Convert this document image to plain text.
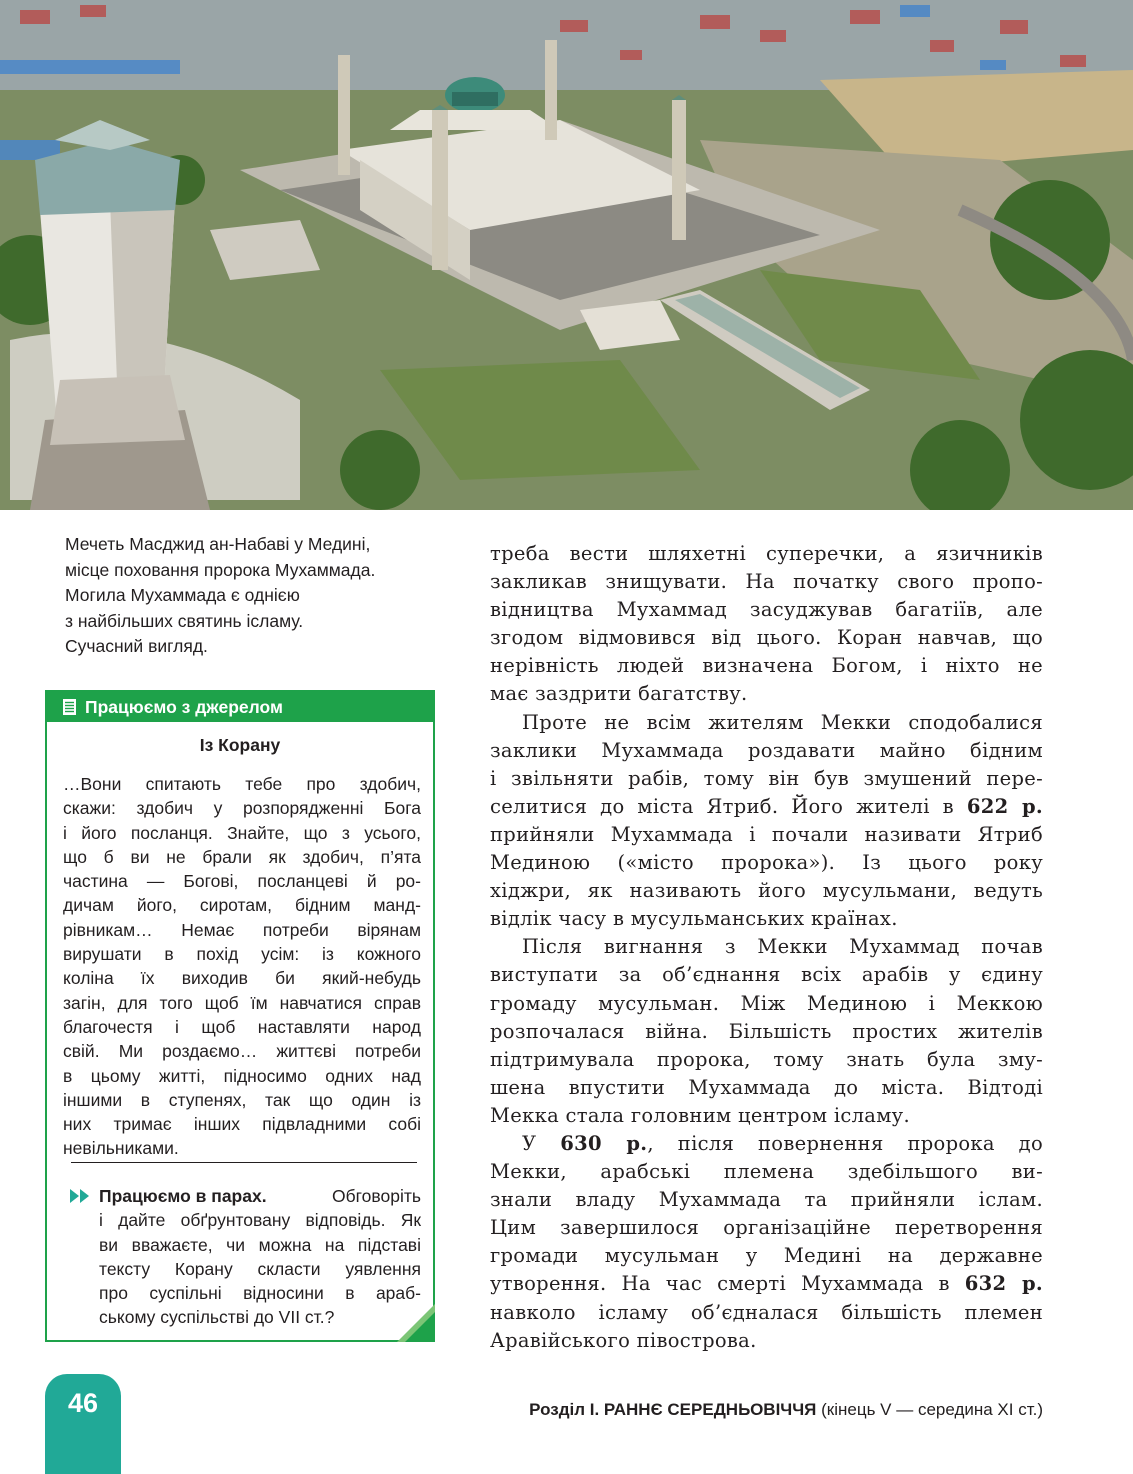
Мечеть Масджид ан-Набаві у Медині,
місце поховання пророка Мухаммада.
Могила Мухаммада є однією
з найбільших святинь ісламу.
Сучасний вигляд.
Працюємо з джерелом
Із Корану
…Вони спитають тебе про здобич,
скажи: здобич у розпорядженні Бога
і його посланця. Знайте, що з усього,
що б ви не брали як здобич, п’ята
частина — Богові, посланцеві й ро-
дичам його, сиротам, бідним манд-
рівникам… Немає потреби вірянам
вирушати в похід усім: із кожного
коліна їх виходив би який-небудь
загін, для того щоб їм навчатися справ
благочестя і щоб наставляти народ
свій. Ми роздаємо… життєві потреби
в цьому житті, підносимо одних над
іншими в ступенях, так що один із
них тримає інших підвладними собі
невільниками.
Працюємо в парах.	Обговоріть
і дайте обґрунтовану відповідь. Як
ви вважаєте, чи можна на підставі
тексту Корану скласти уявлення
про суспільні відносини в араб-
ському суспільстві до VII ст.?
треба вести шляхетні суперечки, а язичників
закликав знищувати. На початку свого пропо-
відництва Мухаммад засуджував багатіїв, але
згодом відмовився від цього. Коран навчав, що
нерівність людей визначена Богом, і ніхто не
має заздрити багатству.
Проте не всім жителям Мекки сподобалися
заклики Мухаммада роздавати майно бідним
і звільняти рабів, тому він був змушений пере-
селитися до міста Ятриб. Його жителі в 622 р.
прийняли Мухаммада і почали називати Ятриб
Мединою («місто пророка»). Із цього року
хіджри, як називають його мусульмани, ведуть
відлік часу в мусульманських країнах.
Після вигнання з Мекки Мухаммад почав
виступати за об’єднання всіх арабів у єдину
громаду мусульман. Між Мединою і Меккою
розпочалася війна. Більшість простих жителів
підтримувала пророка, тому знать була зму-
шена впустити Мухаммада до міста. Відтоді
Мекка стала головним центром ісламу.
У 630 р., після повернення пророка до
Мекки, арабські племена здебільшого ви-
знали владу Мухаммада та прийняли іслам.
Цим завершилося організаційне перетворення
громади мусульман у Медині на державне
утворення. На час смерті Мухаммада в 632 р.
навколо ісламу об’єдналася більшість племен
Аравійського півострова.
46	Розділ І. РАННЄ СЕРЕДНЬОВІЧЧЯ (кінець V — середина XI ст.)
